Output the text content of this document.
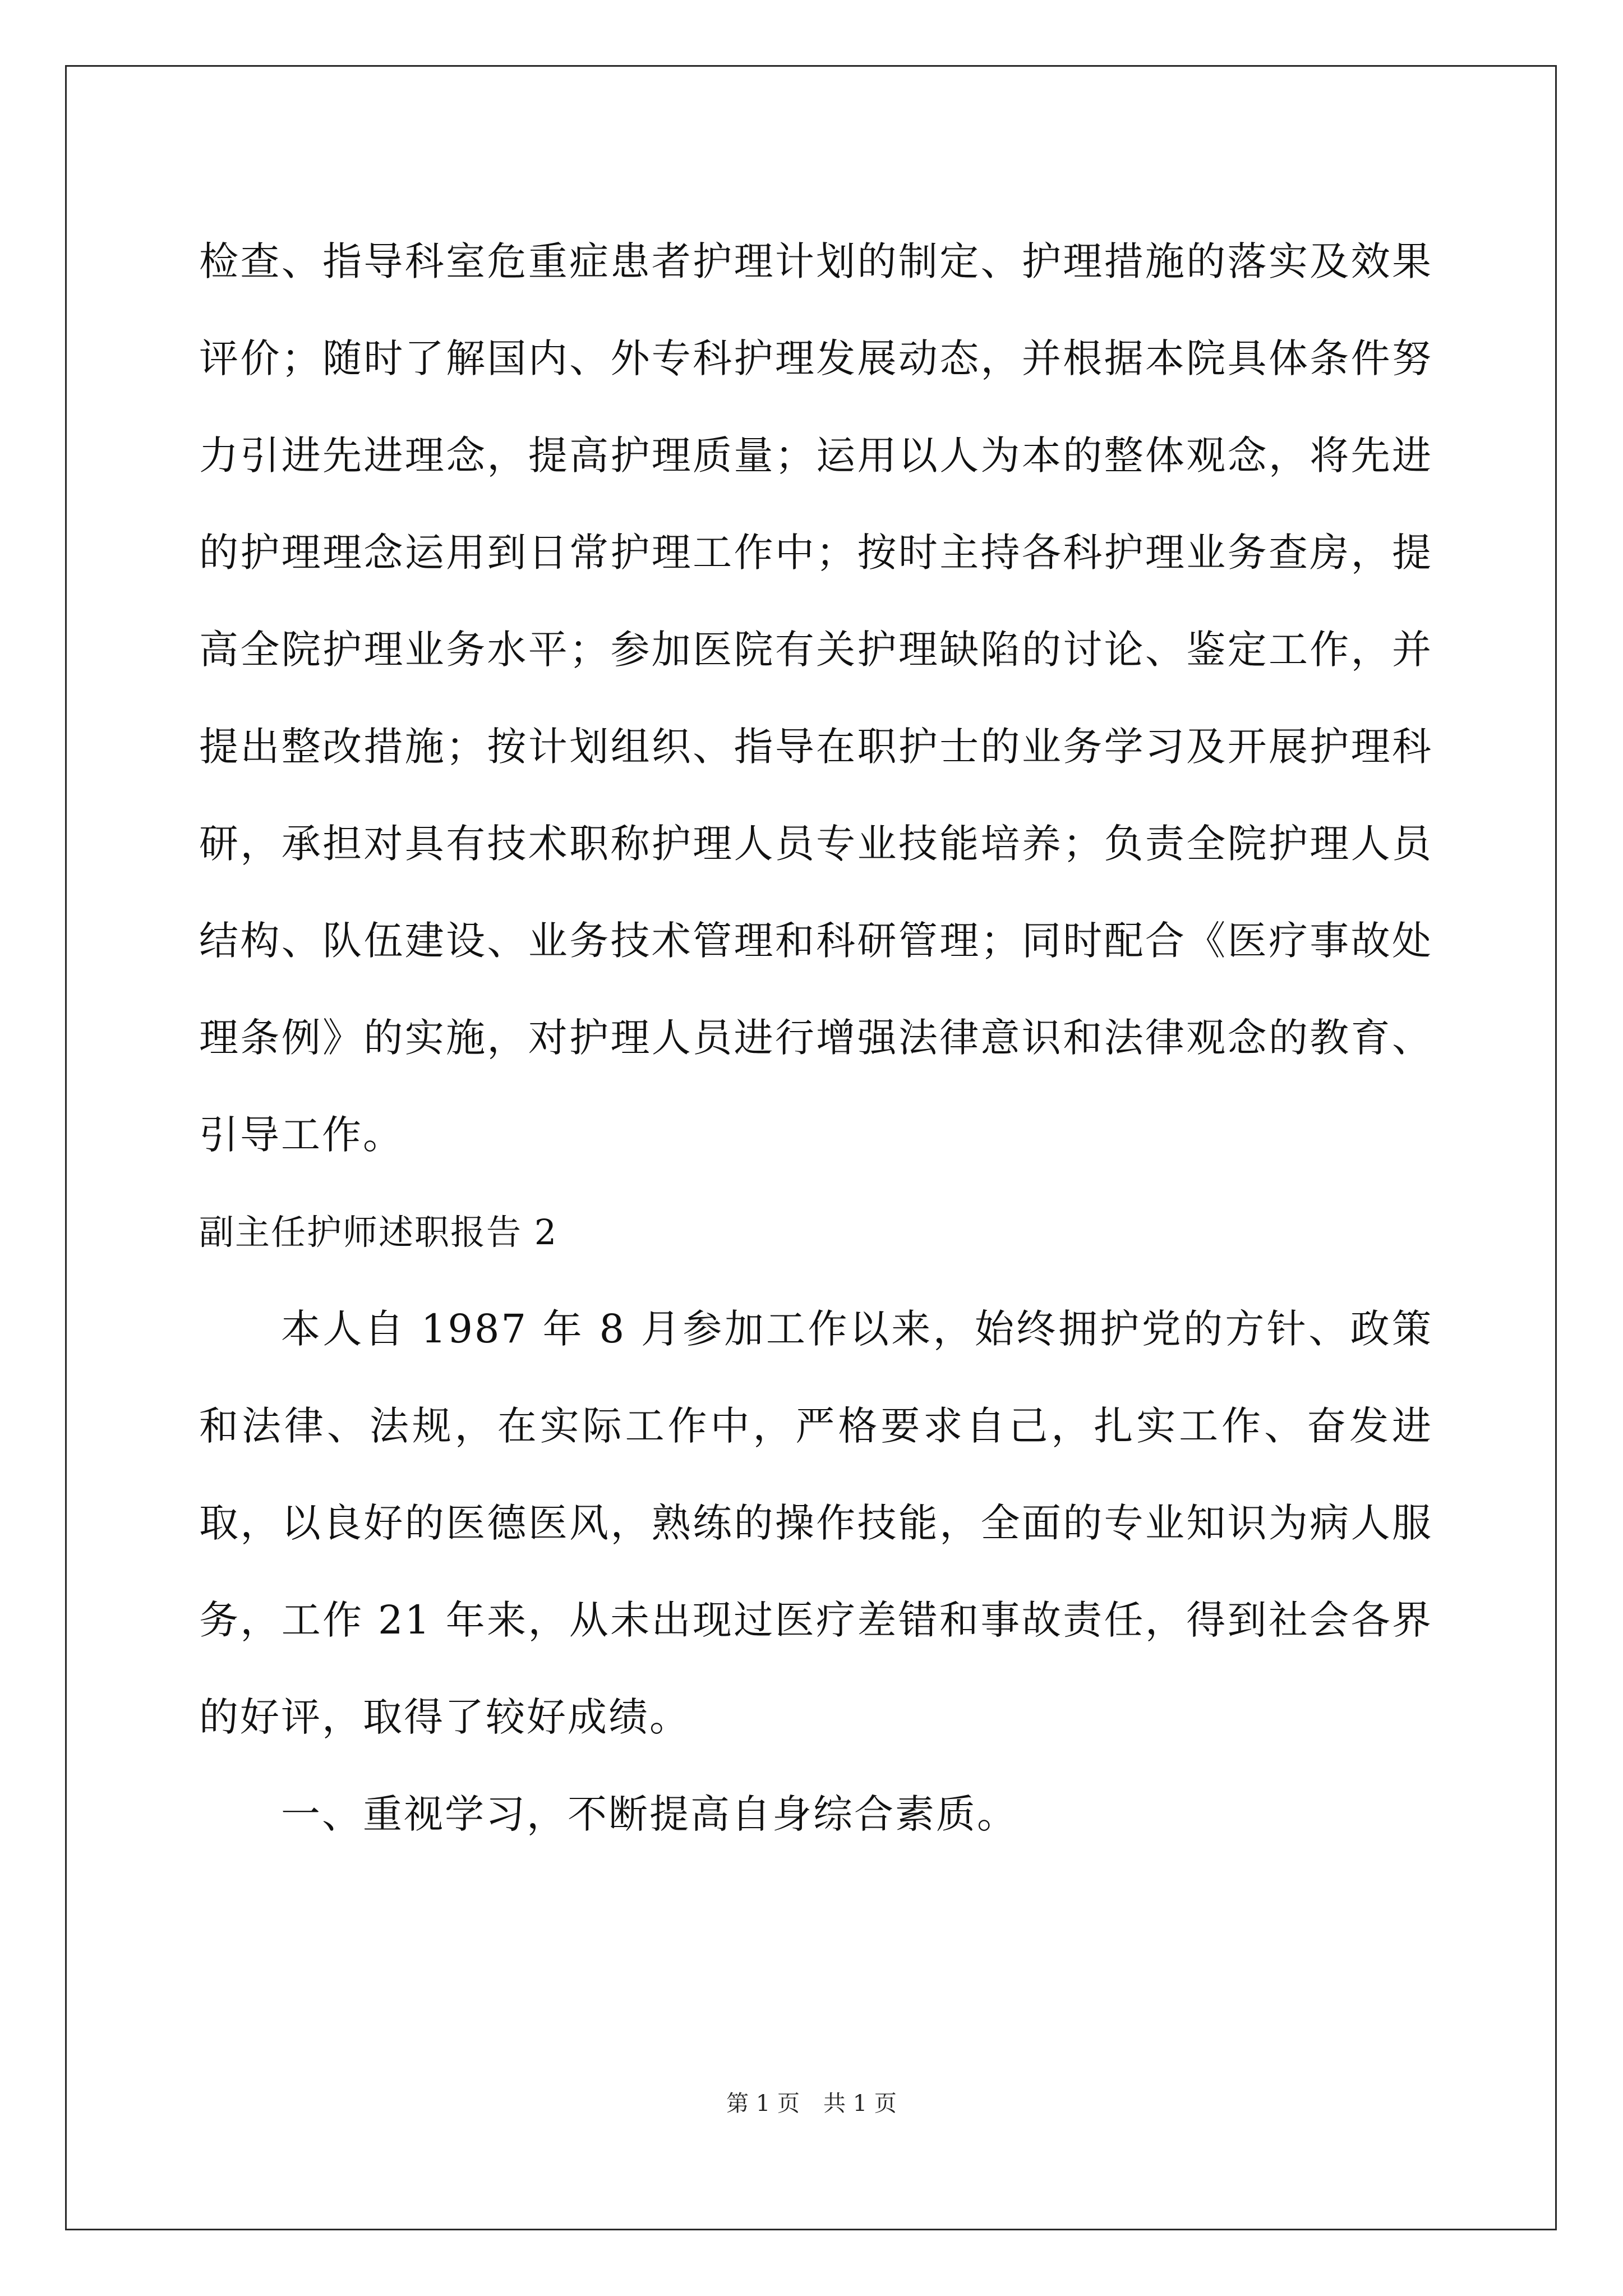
检查、指导科室危重症患者护理计划的制定、护理措施的落实及效果评价；随时了解国内、外专科护理发展动态，并根据本院具体条件努力引进先进理念，提高护理质量；运用以人为本的整体观念，将先进的护理理念运用到日常护理工作中；按时主持各科护理业务查房，提高全院护理业务水平；参加医院有关护理缺陷的讨论、鉴定工作，并提出整改措施；按计划组织、指导在职护士的业务学习及开展护理科研，承担对具有技术职称护理人员专业技能培养；负责全院护理人员结构、队伍建设、业务技术管理和科研管理；同时配合《医疗事故处理条例》的实施，对护理人员进行增强法律意识和法律观念的教育、引导工作。

副主任护师述职报告 2

本人自 1987 年 8 月参加工作以来，始终拥护党的方针、政策和法律、法规，在实际工作中，严格要求自己，扎实工作、奋发进取，以良好的医德医风，熟练的操作技能，全面的专业知识为病人服务，工作 21 年来，从未出现过医疗差错和事故责任，得到社会各界的好评，取得了较好成绩。

一、重视学习，不断提高自身综合素质。

第 1 页 共 1 页
